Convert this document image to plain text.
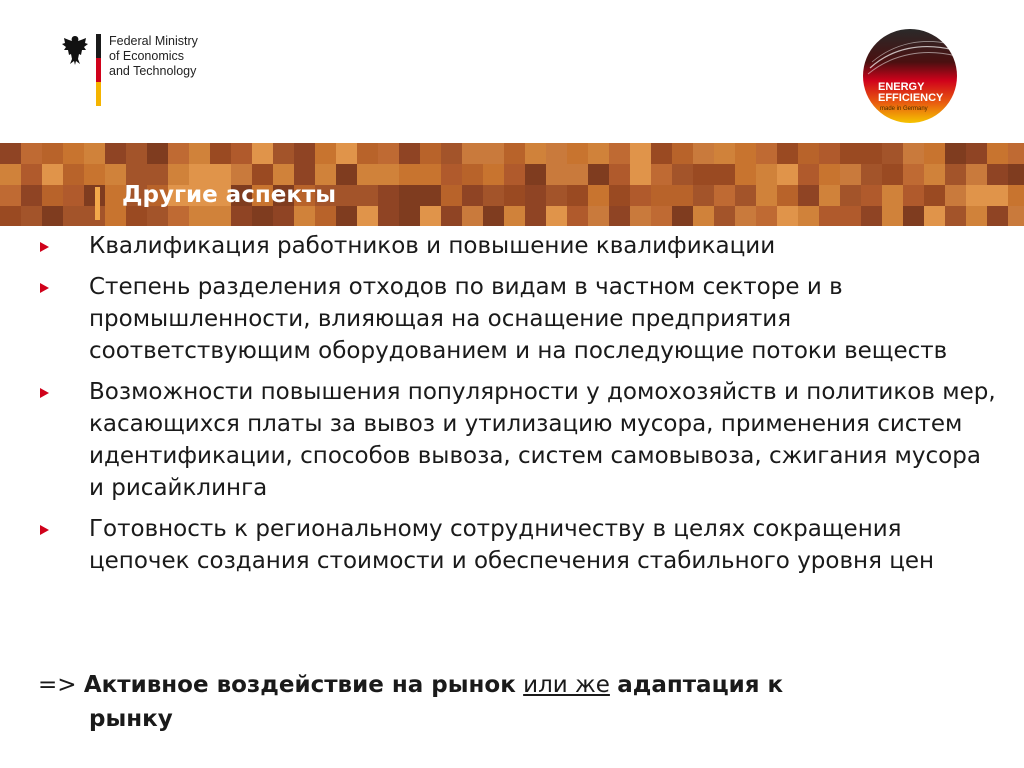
Federal Ministry
of Economics
and Technology
ENERGY
EFFICIENCY
made in Germany
Другие аспекты
Квалификация работников и повышение квалификации
Степень разделения отходов по видам в частном секторе и в промышленности, влияющая на оснащение предприятия соответствующим оборудованием и на последующие потоки веществ
Возможности повышения популярности у домохозяйств и политиков мер, касающихся платы за вывоз и утилизацию мусора, применения систем идентификации, способов вывоза, систем самовывоза, сжигания мусора и рисайклинга
Готовность к региональному сотрудничеству в целях сокращения цепочек создания стоимости и обеспечения стабильного уровня цен
=> Активное воздействие на рынок или же адаптация к
рынку
